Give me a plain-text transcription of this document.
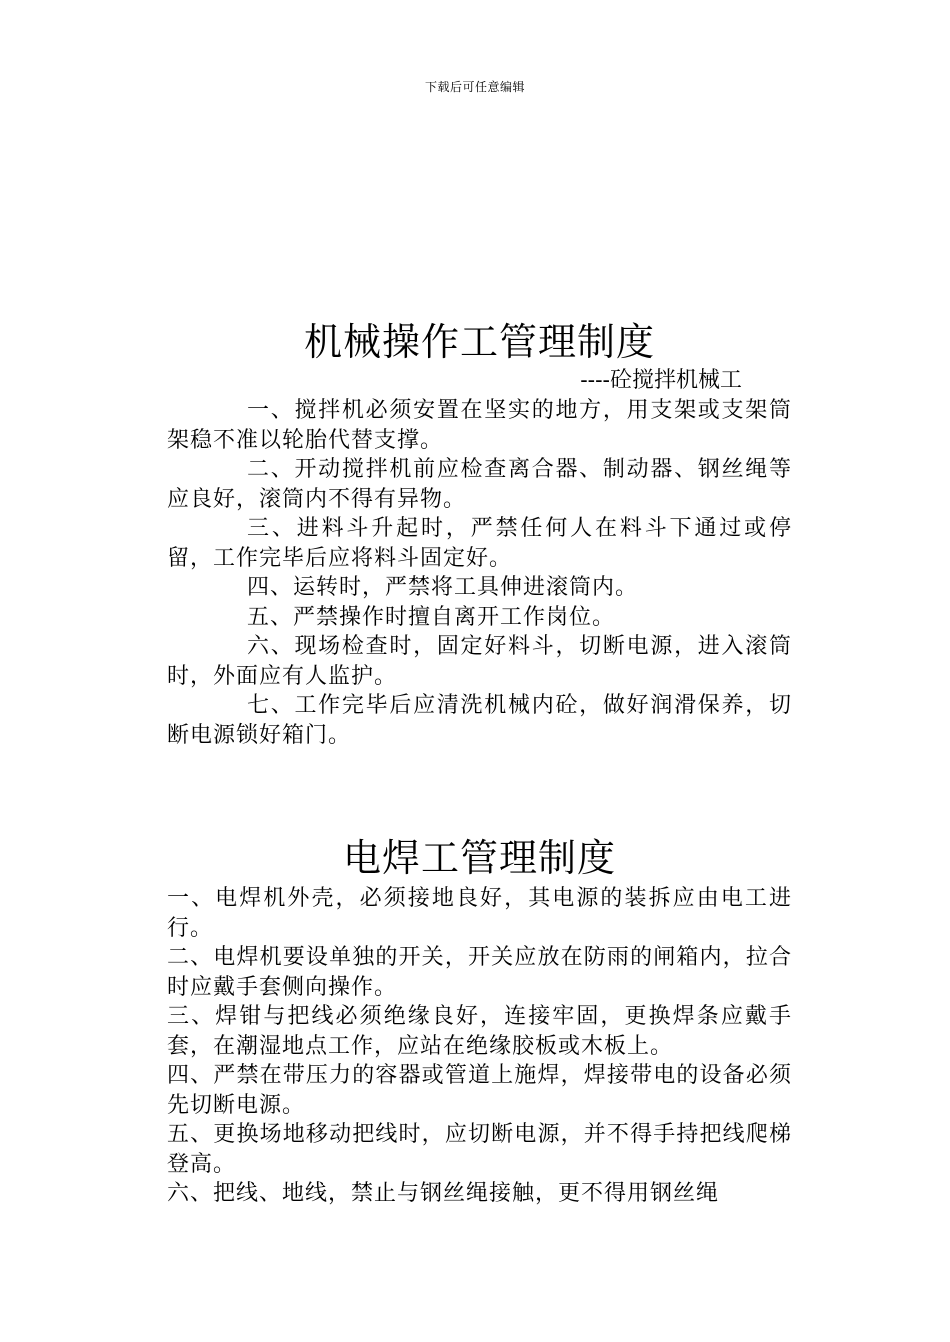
下载后可任意编辑
机械操作工管理制度

----砼搅拌机械工

一、搅拌机必须安置在坚实的地方，用支架或支架筒架稳不准以轮胎代替支撑。

二、开动搅拌机前应检查离合器、制动器、钢丝绳等应良好，滚筒内不得有异物。

三、进料斗升起时，严禁任何人在料斗下通过或停留，工作完毕后应将料斗固定好。

四、运转时，严禁将工具伸进滚筒内。

五、严禁操作时擅自离开工作岗位。

六、现场检查时，固定好料斗，切断电源，进入滚筒时，外面应有人监护。

七、工作完毕后应清洗机械内砼，做好润滑保养，切断电源锁好箱门。

电焊工管理制度

一、电焊机外壳，必须接地良好，其电源的装拆应由电工进行。

二、电焊机要设单独的开关，开关应放在防雨的闸箱内，拉合时应戴手套侧向操作。

三、焊钳与把线必须绝缘良好，连接牢固，更换焊条应戴手套，在潮湿地点工作，应站在绝缘胶板或木板上。

四、严禁在带压力的容器或管道上施焊，焊接带电的设备必须先切断电源。

五、更换场地移动把线时，应切断电源，并不得手持把线爬梯登高。

六、把线、地线，禁止与钢丝绳接触，更不得用钢丝绳
